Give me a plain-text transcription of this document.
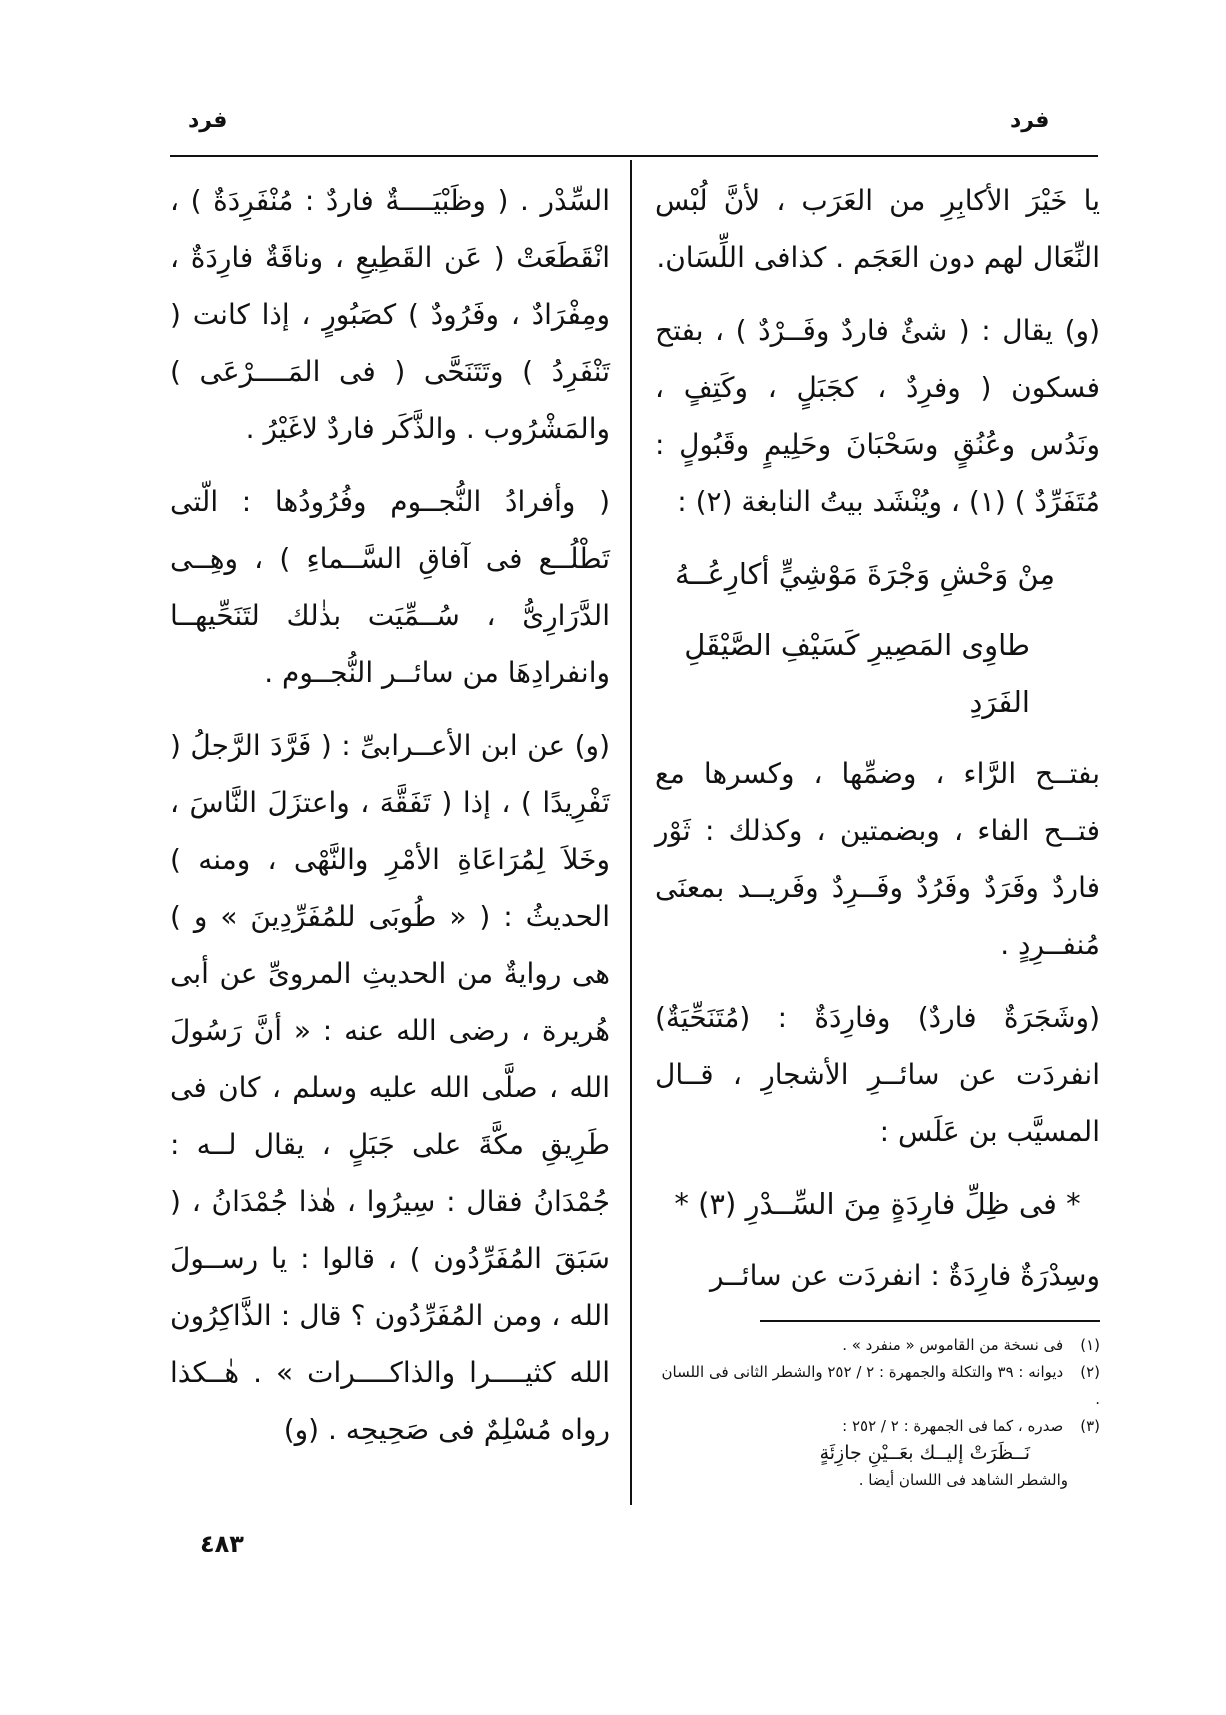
فرد
فرد

يا خَيْرَ الأكابِرِ من العَرَب ، لأنَّ لُبْس النِّعَال لهم دون العَجَم . كذافى اللِّسَان.

(و) يقال : ( شئٌ فاردٌ وفَــرْدٌ ) ، بفتح فسكون ( وفرِدٌ ، كجَبَلٍ ، وكَتِفٍ ، ونَدُس وعُنُقٍ وسَحْبَانَ وحَلِيمٍ وقَبُولٍ : مُتَفَرِّدٌ ) (١) ، ويُنْشَد بيتُ النابغة (٢) :

مِنْ وَحْشِ وَجْرَةَ مَوْشِيٍّ أكارِعُــهُ

طاوِى المَصِيرِ كَسَيْفِ الصَّيْقَلِ الفَرَدِ

بفتــح الرَّاء ، وضمِّها ، وكسرها مع فتــح الفاء ، وبضمتين ، وكذلك : ثَوْر فاردٌ وفَرَدٌ وفَرُدٌ وفَــرِدٌ وفَريــد بمعنَى مُنفــرِدٍ .

(وشَجَرَةٌ فاردٌ) وفارِدَةٌ : (مُتَنَحِّيَةٌ) انفردَت عن سائــرِ الأشجارِ ، قــال المسيَّب بن عَلَس :

* فى ظِلِّ فارِدَةٍ مِنَ السِّــدْرِ (٣) *

وسِدْرَةٌ فارِدَةٌ : انفردَت عن سائــر

(١) فى نسخة من القاموس « منفرد » .

(٢) ديوانه : ٣٩ والتكلة والجمهرة : ٢ / ٢٥٢ والشطر الثانى فى اللسان .

(٣) صدره ، كما فى الجمهرة : ٢ / ٢٥٢ :

نَــظَرَتْ إليــك بعَــيْنِ جازِئَةٍ

والشطر الشاهد فى اللسان أيضا .

السِّدْر . ( وظَبْيَــــةٌ فاردٌ : مُنْفَرِدَةٌ ) ، انْقَطَعَتْ ( عَن القَطِيعِ ، وناقَةٌ فارِدَةٌ ، ومِفْرَادٌ ، وفَرُودٌ ) كصَبُورٍ ، إذا كانت ( تَنْفَرِدُ ) وتَتَنَحَّى ( فى المَــــرْعَى ) والمَشْرُوب . والذَّكَر فاردٌ لاغَيْرُ .

( وأفرادُ النُّجــوم وفُرُودُها : الّتى تَطْلُــع فى آفاقِ السَّــماءِ ) ، وهِــى الدَّرَارِىُّ ، سُــمِّيَت بذٰلك لتَنَحِّيهــا وانفرادِهَا من سائــر النُّجــوم .

(و) عن ابن الأعــرابىِّ : ( فَرَّدَ الرَّجلُ ( تَفْرِيدًا ) ، إذا ( تَفَقَّهَ ، واعتزَلَ النَّاسَ ، وخَلاَ لِمُرَاعَاةِ الأمْرِ والنَّهْى ، ومنه ) الحديثُ : ( « طُوبَى للمُفَرِّدِينَ » و ) هى روايةٌ من الحديثِ المروىِّ عن أبى هُريرة ، رضى الله عنه : « أنَّ رَسُولَ الله ، صلَّى الله عليه وسلم ، كان فى طَرِيقِ مكَّةَ على جَبَلٍ ، يقال لــه : جُمْدَانُ فقال : سِيرُوا ، هٰذا جُمْدَانُ ، ( سَبَقَ المُفَرِّدُون ) ، قالوا : يا رســولَ الله ، ومن المُفَرِّدُون ؟ قال : الذَّاكِرُون الله كثيــــرا والذاكــــرات » . هٰــكذا رواه مُسْلِمٌ فى صَحِيحِه . (و)

٤٨٣
